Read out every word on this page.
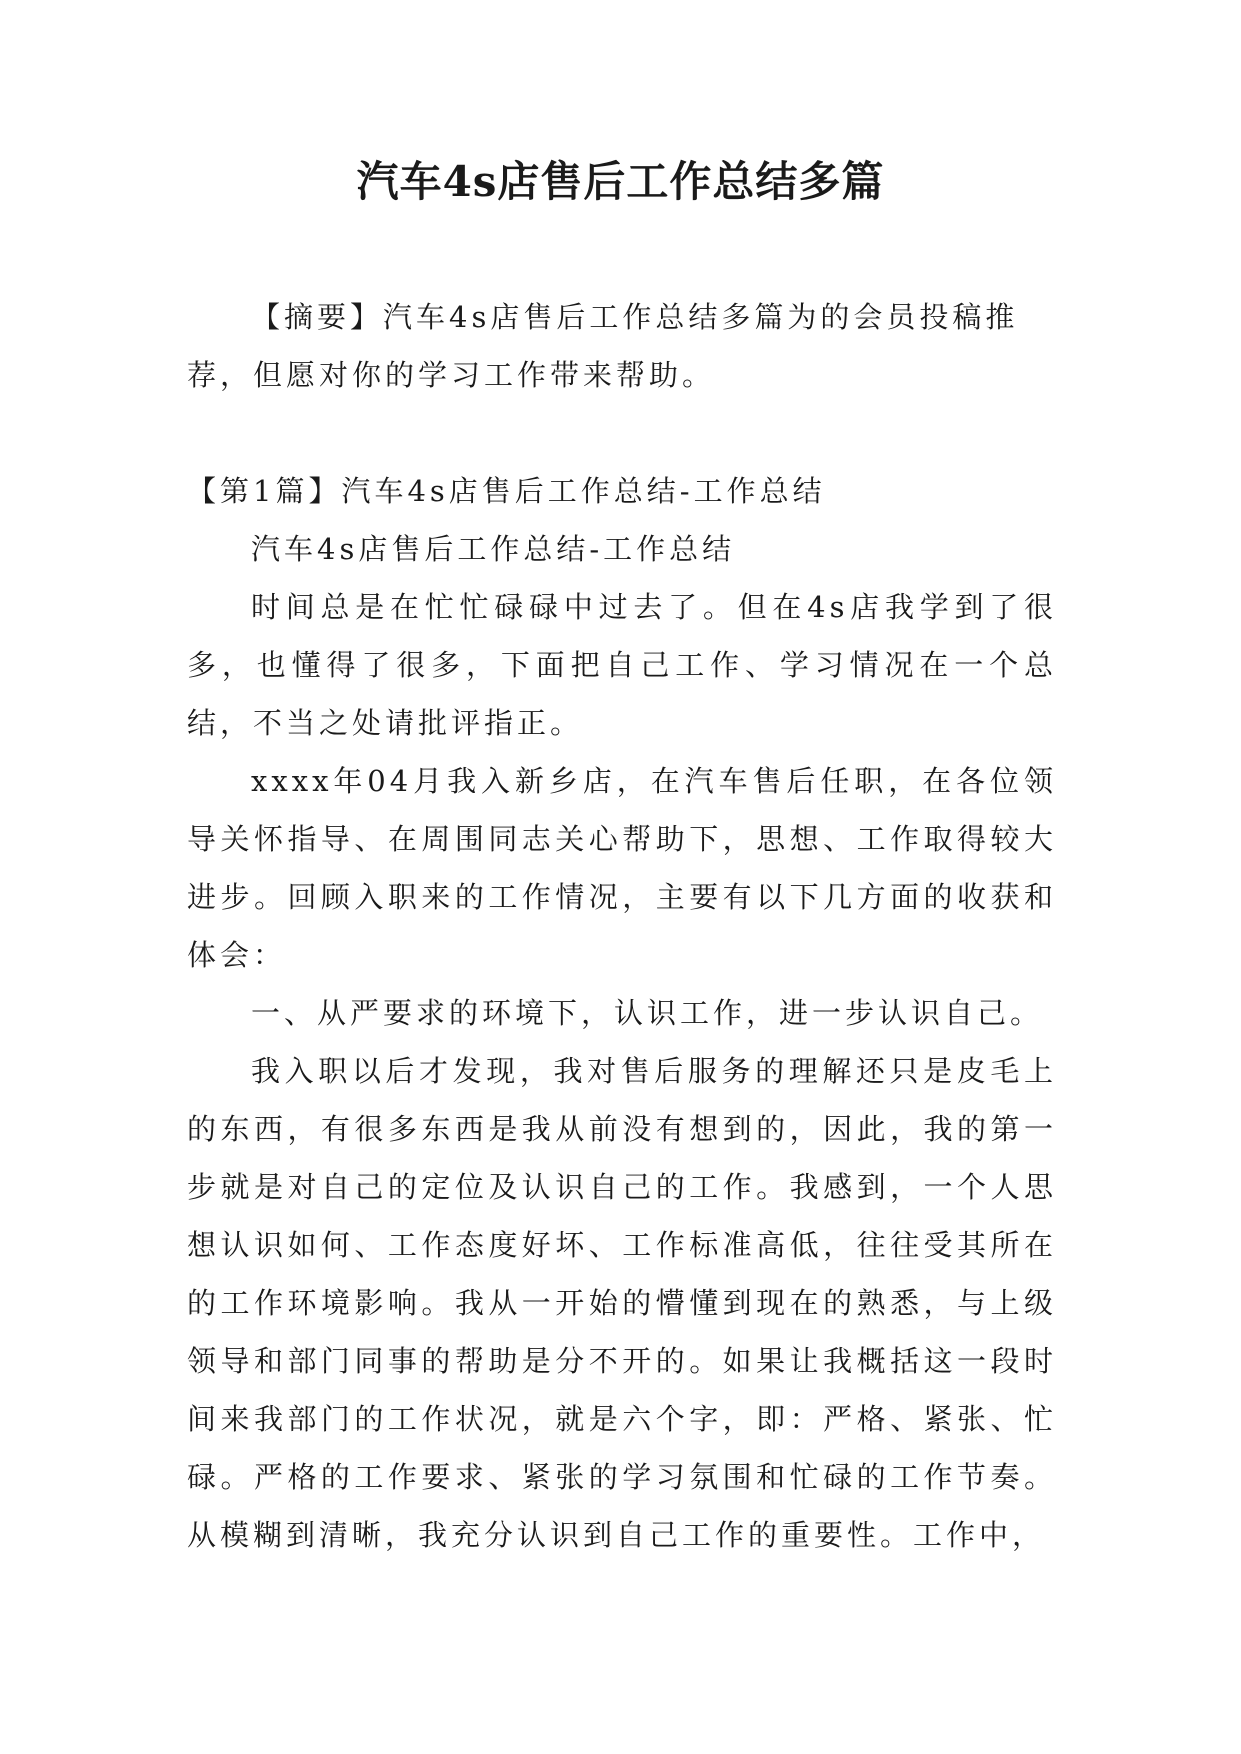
汽车4s店售后工作总结多篇

【摘要】汽车4s店售后工作总结多篇为的会员投稿推荐，但愿对你的学习工作带来帮助。

【第1篇】汽车4s店售后工作总结-工作总结

汽车4s店售后工作总结-工作总结

时间总是在忙忙碌碌中过去了。但在4s店我学到了很多，也懂得了很多，下面把自己工作、学习情况在一个总结，不当之处请批评指正。

xxxx年04月我入新乡店，在汽车售后任职，在各位领导关怀指导、在周围同志关心帮助下，思想、工作取得较大进步。回顾入职来的工作情况，主要有以下几方面的收获和体会：

一、从严要求的环境下，认识工作，进一步认识自己。

我入职以后才发现，我对售后服务的理解还只是皮毛上的东西，有很多东西是我从前没有想到的，因此，我的第一步就是对自己的定位及认识自己的工作。我感到，一个人思想认识如何、工作态度好坏、工作标准高低，往往受其所在的工作环境影响。我从一开始的懵懂到现在的熟悉，与上级领导和部门同事的帮助是分不开的。如果让我概括这一段时间来我部门的工作状况，就是六个字，即：严格、紧张、忙碌。严格的工作要求、紧张的学习氛围和忙碌的工作节奏。从模糊到清晰，我充分认识到自己工作的重要性。工作中，
